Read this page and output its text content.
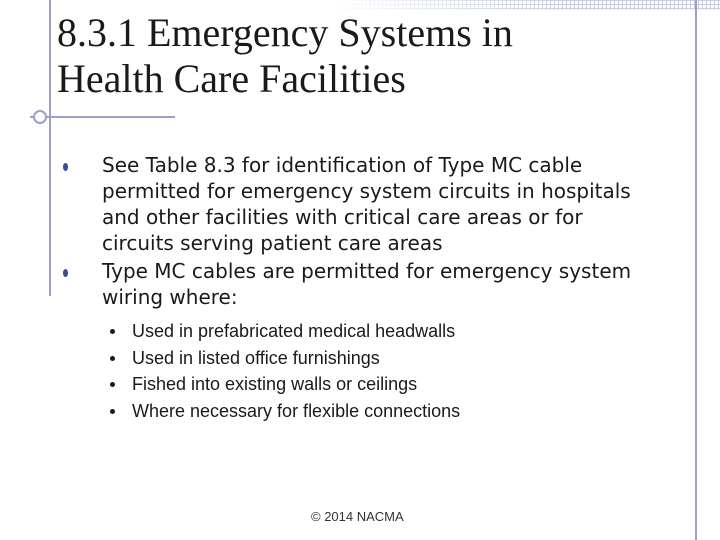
8.3.1 Emergency Systems in
Health Care Facilities
See Table 8.3 for identification of Type MC cable
permitted for emergency system circuits in hospitals
and other facilities with critical care areas or for
circuits serving patient care areas
Type MC cables are permitted for emergency system
wiring where:
Used in prefabricated medical headwalls
Used in listed office furnishings
Fished into existing walls or ceilings
Where necessary for flexible connections
© 2014 NACMA
